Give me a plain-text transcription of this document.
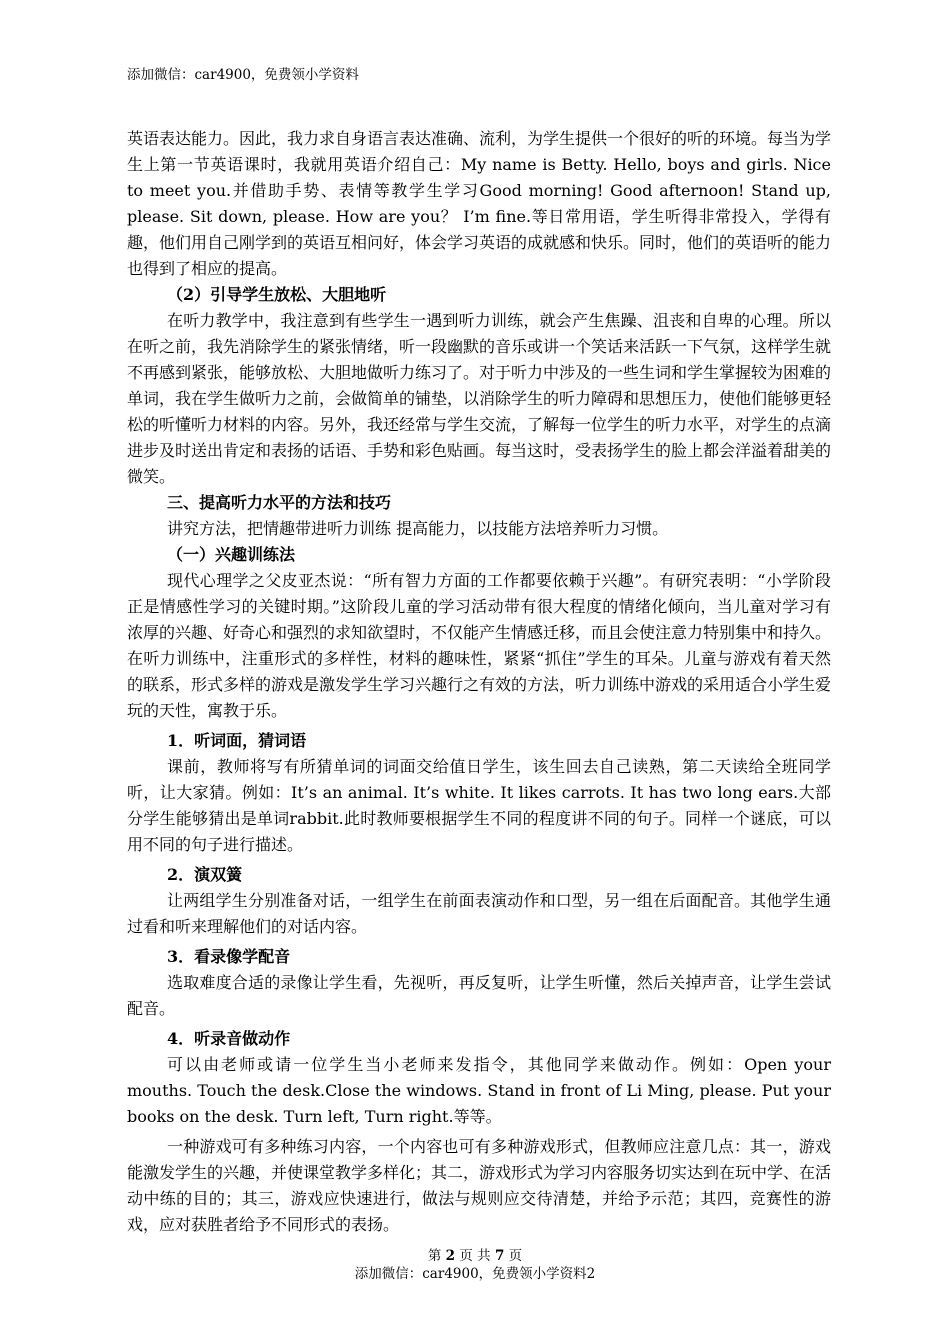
添加微信：car4900，免费领小学资料

英语表达能力。因此，我力求自身语言表达准确、流利，为学生提供一个很好的听的环境。每当为学生上第一节英语课时，我就用英语介绍自己：My name is Betty. Hello, boys and girls. Nice to meet you.并借助手势、表情等教学生学习Good morning! Good afternoon! Stand up, please. Sit down, please. How are you？ I’m fine.等日常用语，学生听得非常投入，学得有趣，他们用自己刚学到的英语互相问好，体会学习英语的成就感和快乐。同时，他们的英语听的能力也得到了相应的提高。

（2）引导学生放松、大胆地听

在听力教学中，我注意到有些学生一遇到听力训练，就会产生焦躁、沮丧和自卑的心理。所以在听之前，我先消除学生的紧张情绪，听一段幽默的音乐或讲一个笑话来活跃一下气氛，这样学生就不再感到紧张，能够放松、大胆地做听力练习了。对于听力中涉及的一些生词和学生掌握较为困难的单词，我在学生做听力之前，会做简单的铺垫，以消除学生的听力障碍和思想压力，使他们能够更轻松的听懂听力材料的内容。另外，我还经常与学生交流，了解每一位学生的听力水平，对学生的点滴进步及时送出肯定和表扬的话语、手势和彩色贴画。每当这时，受表扬学生的脸上都会洋溢着甜美的微笑。

三、提高听力水平的方法和技巧

讲究方法，把情趣带进听力训练 提高能力，以技能方法培养听力习惯。

（一）兴趣训练法

现代心理学之父皮亚杰说：“所有智力方面的工作都要依赖于兴趣”。有研究表明：“小学阶段正是情感性学习的关键时期。”这阶段儿童的学习活动带有很大程度的情绪化倾向，当儿童对学习有浓厚的兴趣、好奇心和强烈的求知欲望时，不仅能产生情感迁移，而且会使注意力特别集中和持久。在听力训练中，注重形式的多样性，材料的趣味性，紧紧“抓住”学生的耳朵。儿童与游戏有着天然的联系，形式多样的游戏是激发学生学习兴趣行之有效的方法，听力训练中游戏的采用适合小学生爱玩的天性，寓教于乐。

1．听词面，猜词语

课前，教师将写有所猜单词的词面交给值日学生，该生回去自己读熟，第二天读给全班同学听，让大家猜。例如：It’s an animal. It’s white. It likes carrots. It has two long ears.大部分学生能够猜出是单词rabbit.此时教师要根据学生不同的程度讲不同的句子。同样一个谜底，可以用不同的句子进行描述。

2．演双簧

让两组学生分别准备对话，一组学生在前面表演动作和口型，另一组在后面配音。其他学生通过看和听来理解他们的对话内容。

3．看录像学配音

选取难度合适的录像让学生看，先视听，再反复听，让学生听懂，然后关掉声音，让学生尝试配音。

4．听录音做动作

可以由老师或请一位学生当小老师来发指令，其他同学来做动作。例如：Open your mouths. Touch the desk.Close the windows. Stand in front of Li Ming, please. Put your books on the desk. Turn left, Turn right.等等。

一种游戏可有多种练习内容，一个内容也可有多种游戏形式，但教师应注意几点：其一，游戏能激发学生的兴趣，并使课堂教学多样化；其二，游戏形式为学习内容服务切实达到在玩中学、在活动中练的目的；其三，游戏应快速进行，做法与规则应交待清楚，并给予示范；其四，竞赛性的游戏，应对获胜者给予不同形式的表扬。

第 2 页 共 7 页
添加微信：car4900，免费领小学资料2
